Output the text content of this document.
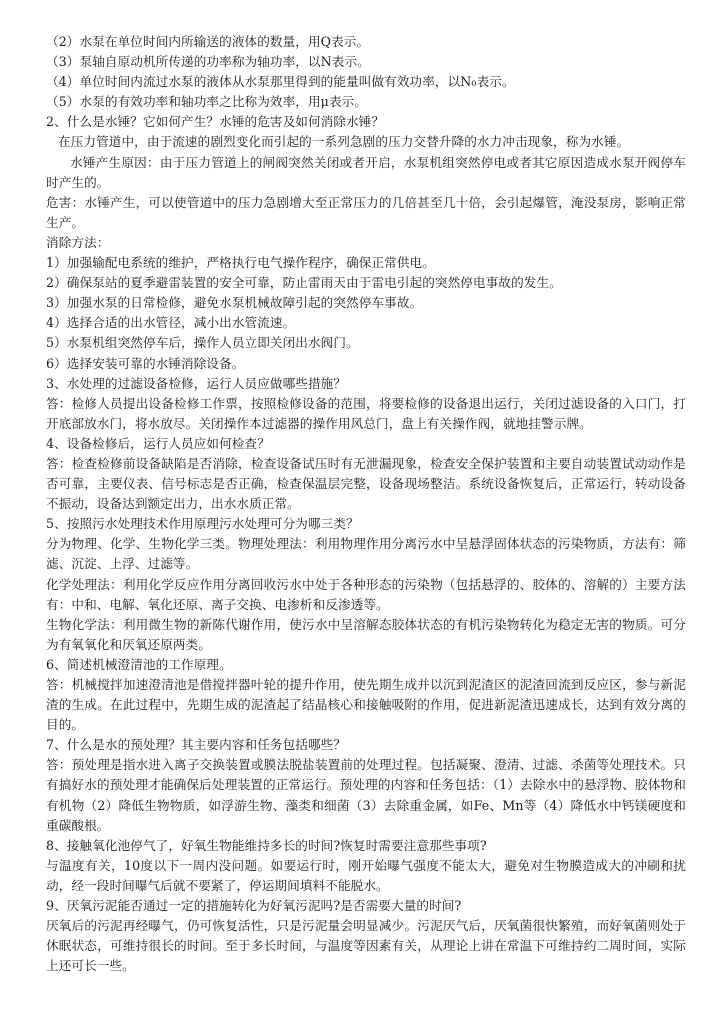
（2）水泵在单位时间内所输送的液体的数量，用Q表示。

（3）泵轴自原动机所传递的功率称为轴功率，以N表示。

（4）单位时间内流过水泵的液体从水泵那里得到的能量叫做有效功率，以N₀表示。

（5）水泵的有效功率和轴功率之比称为效率，用μ表示。

2、什么是水锤？它如何产生？水锤的危害及如何消除水锤？

在压力管道中，由于流速的剧烈变化而引起的一系列急剧的压力交替升降的水力冲击现象，称为水锤。

水锤产生原因：由于压力管道上的闸阀突然关闭或者开启，水泵机组突然停电或者其它原因造成水泵开阀停车时产生的。

危害：水锤产生，可以使管道中的压力急剧增大至正常压力的几倍甚至几十倍，会引起爆管，淹没泵房，影响正常生产。

消除方法：

1）加强输配电系统的维护，严格执行电气操作程序，确保正常供电。

2）确保泵站的夏季避雷装置的安全可靠，防止雷雨天由于雷电引起的突然停电事故的发生。

3）加强水泵的日常检修，避免水泵机械故障引起的突然停车事故。

4）选择合适的出水管径，减小出水管流速。

5）水泵机组突然停车后，操作人员立即关闭出水阀门。

6）选择安装可靠的水锤消除设备。

3、水处理的过滤设备检修，运行人员应做哪些措施？

答：检修人员提出设备检修工作票，按照检修设备的范围，将要检修的设备退出运行，关闭过滤设备的入口门，打开底部放水门，将水放尽。关闭操作本过滤器的操作用风总门，盘上有关操作阀，就地挂警示牌。

4、设备检修后，运行人员应如何检查？

答：检查检修前设备缺陷是否消除，检查设备试压时有无泄漏现象，检查安全保护装置和主要自动装置试动动作是否可靠，主要仪表、信号标志是否正确，检查保温层完整，设备现场整洁。系统设备恢复后，正常运行，转动设备不振动，设备达到额定出力，出水水质正常。

5、按照污水处理技术作用原理污水处理可分为哪三类？

分为物理、化学、生物化学三类。物理处理法：利用物理作用分离污水中呈悬浮固体状态的污染物质，方法有：筛滤、沉淀、上浮、过滤等。

化学处理法：利用化学反应作用分离回收污水中处于各种形态的污染物（包括悬浮的、胶体的、溶解的）主要方法有：中和、电解、氧化还原、离子交换、电渗析和反渗透等。

生物化学法：利用微生物的新陈代谢作用，使污水中呈溶解态胶体状态的有机污染物转化为稳定无害的物质。可分为有氧氧化和厌氧还原两类。

6、简述机械澄清池的工作原理。

答：机械搅拌加速澄清池是借搅拌器叶轮的提升作用，使先期生成并以沉到泥渣区的泥渣回流到反应区，参与新泥渣的生成。在此过程中，先期生成的泥渣起了结晶核心和接触吸附的作用，促进新泥渣迅速成长，达到有效分离的目的。

7、什么是水的预处理？其主要内容和任务包括哪些？

答：预处理是指水进入离子交换装置或膜法脱盐装置前的处理过程。包括凝聚、澄清、过滤、杀菌等处理技术。只有搞好水的预处理才能确保后处理装置的正常运行。预处理的内容和任务包括：（1）去除水中的悬浮物、胶体物和有机物（2）降低生物物质，如浮游生物、藻类和细菌（3）去除重金属，如Fe、Mn等（4）降低水中钙镁硬度和重碳酸根。

8、接触氧化池停气了，好氧生物能维持多长的时间?恢复时需要注意那些事项?

与温度有关，10度以下一周内没问题。如要运行时，刚开始曝气强度不能太大，避免对生物膜造成大的冲刷和扰动，经一段时间曝气后就不要紧了，停运期间填料不能脱水。

9、厌氧污泥能否通过一定的措施转化为好氧污泥吗?是否需要大量的时间?

厌氧后的污泥再经曝气，仍可恢复活性，只是污泥量会明显减少。污泥厌气后，厌氧菌很快繁殖，而好氧菌则处于休眠状态，可维持很长的时间。至于多长时间，与温度等因素有关，从理论上讲在常温下可维持约二周时间，实际上还可长一些。
